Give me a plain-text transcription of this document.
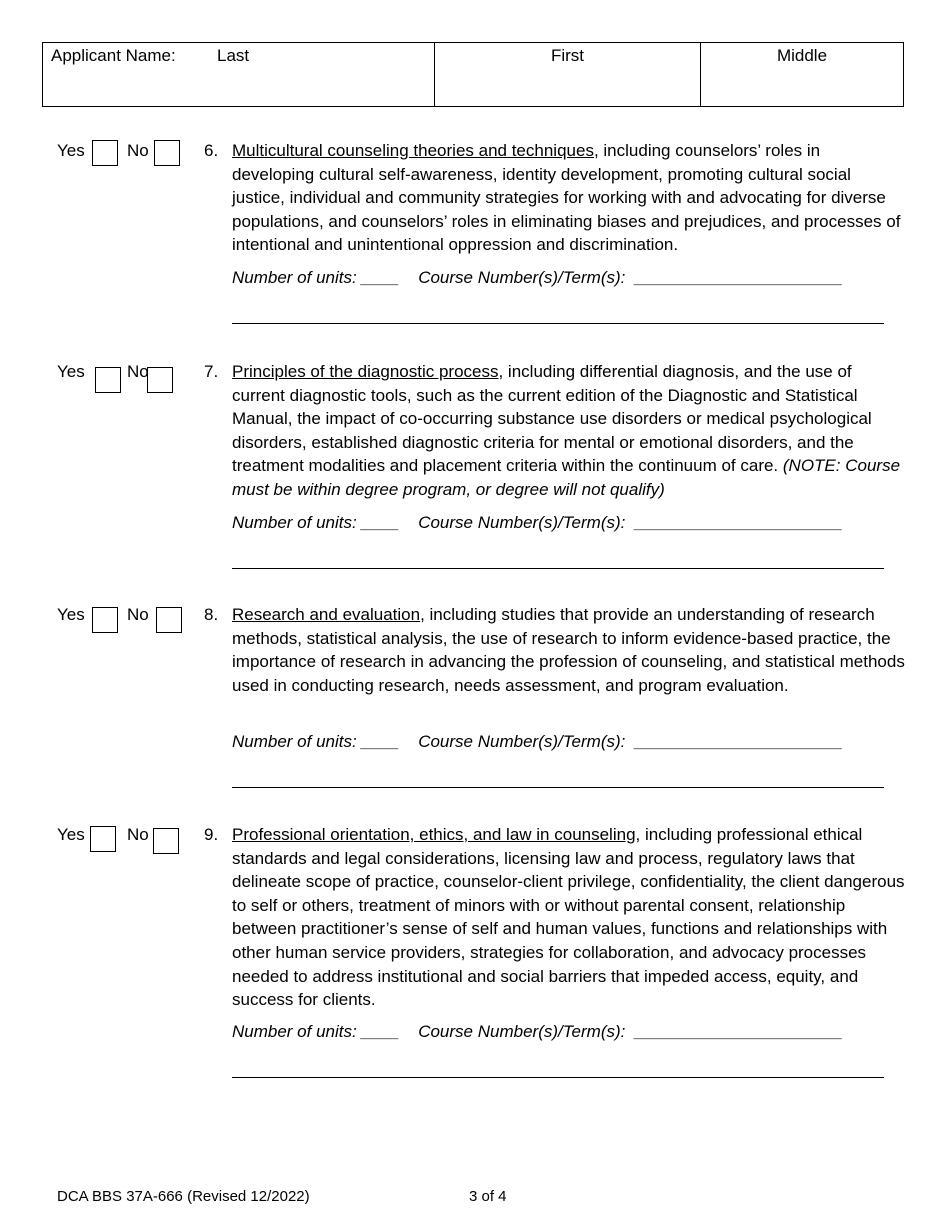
Applicant Name: Last	First	Middle
Yes No	6. Multicultural counseling theories and techniques, including counselors’ roles in developing cultural self-awareness, identity development, promoting cultural social justice, individual and community strategies for working with and advocating for diverse populations, and counselors’ roles in eliminating biases and prejudices, and processes of intentional and unintentional oppression and discrimination.
Number of units: ____ Course Number(s)/Term(s): ______________________
Yes No	7. Principles of the diagnostic process, including differential diagnosis, and the use of current diagnostic tools, such as the current edition of the Diagnostic and Statistical Manual, the impact of co-occurring substance use disorders or medical psychological disorders, established diagnostic criteria for mental or emotional disorders, and the treatment modalities and placement criteria within the continuum of care. (NOTE: Course must be within degree program, or degree will not qualify)
Number of units: ____ Course Number(s)/Term(s): ______________________
Yes No	8. Research and evaluation, including studies that provide an understanding of research methods, statistical analysis, the use of research to inform evidence-based practice, the importance of research in advancing the profession of counseling, and statistical methods used in conducting research, needs assessment, and program evaluation.
Number of units: ____ Course Number(s)/Term(s): ______________________
Yes No	9. Professional orientation, ethics, and law in counseling, including professional ethical standards and legal considerations, licensing law and process, regulatory laws that delineate scope of practice, counselor-client privilege, confidentiality, the client dangerous to self or others, treatment of minors with or without parental consent, relationship between practitioner’s sense of self and human values, functions and relationships with other human service providers, strategies for collaboration, and advocacy processes needed to address institutional and social barriers that impeded access, equity, and success for clients.
Number of units: ____ Course Number(s)/Term(s): ______________________
DCA BBS 37A-666 (Revised 12/2022)	3 of 4
